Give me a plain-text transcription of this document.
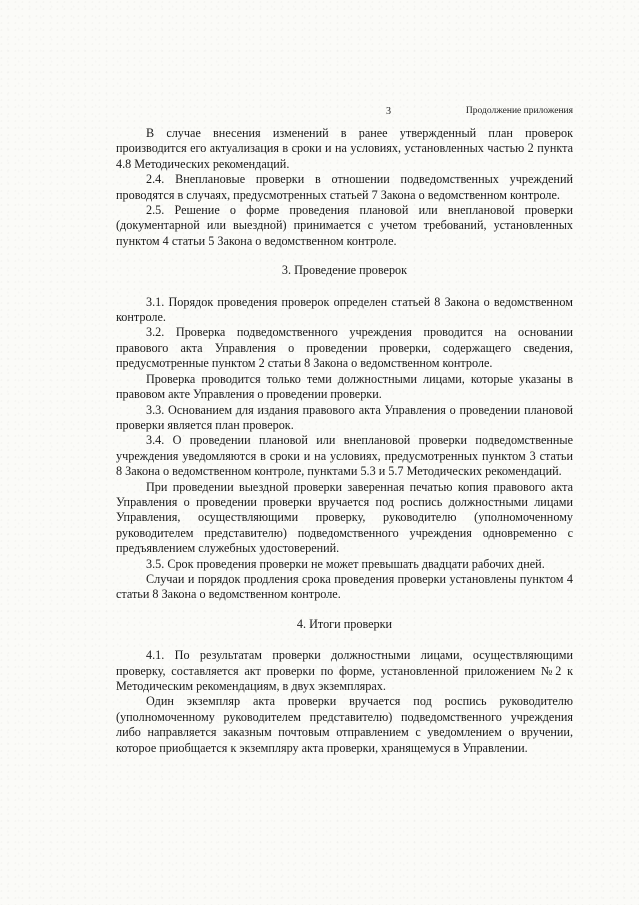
3	Продолжение приложения

В случае внесения изменений в ранее утвержденный план проверок производится его актуализация в сроки и на условиях, установленных частью 2 пункта 4.8 Методических рекомендаций.

2.4. Внеплановые проверки в отношении подведомственных учреждений проводятся в случаях, предусмотренных статьей 7 Закона о ведомственном контроле.

2.5. Решение о форме проведения плановой или внеплановой проверки (документарной или выездной) принимается с учетом требований, установленных пунктом 4 статьи 5 Закона о ведомственном контроле.

3. Проведение проверок

3.1. Порядок проведения проверок определен статьей 8 Закона о ведомственном контроле.

3.2. Проверка подведомственного учреждения проводится на основании правового акта Управления о проведении проверки, содержащего сведения, предусмотренные пунктом 2 статьи 8 Закона о ведомственном контроле.

Проверка проводится только теми должностными лицами, которые указаны в правовом акте Управления о проведении проверки.

3.3. Основанием для издания правового акта Управления о проведении плановой проверки является план проверок.

3.4. О проведении плановой или внеплановой проверки подведомственные учреждения уведомляются в сроки и на условиях, предусмотренных пунктом 3 статьи 8 Закона о ведомственном контроле, пунктами 5.3 и 5.7 Методических рекомендаций.

При проведении выездной проверки заверенная печатью копия правового акта Управления о проведении проверки вручается под роспись должностными лицами Управления, осуществляющими проверку, руководителю (уполномоченному руководителем представителю) подведомственного учреждения одновременно с предъявлением служебных удостоверений.

3.5. Срок проведения проверки не может превышать двадцати рабочих дней.

Случаи и порядок продления срока проведения проверки установлены пунктом 4 статьи 8 Закона о ведомственном контроле.

4. Итоги проверки

4.1. По результатам проверки должностными лицами, осуществляющими проверку, составляется акт проверки по форме, установленной приложением №2 к Методическим рекомендациям, в двух экземплярах.

Один экземпляр акта проверки вручается под роспись руководителю (уполномоченному руководителем представителю) подведомственного учреждения либо направляется заказным почтовым отправлением с уведомлением о вручении, которое приобщается к экземпляру акта проверки, хранящемуся в Управлении.
